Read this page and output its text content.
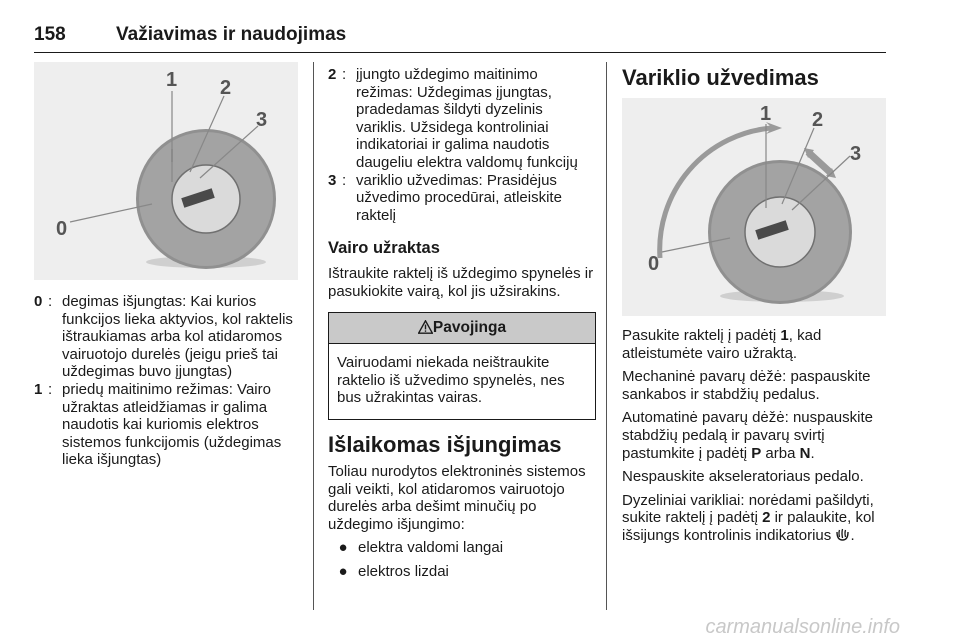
158	Važiavimas ir naudojimas
0
1 2
3
0 : degimas išjungtas: Kai kurios funkcijos lieka aktyvios, kol raktelis ištraukiamas arba kol atidaromos vairuotojo durelės (jeigu prieš tai uždegimas buvo įjungtas)
1 : priedų maitinimo režimas: Vairo užraktas atleidžiamas ir galima naudotis kai kuriomis elektros sistemos funkcijomis (uždegimas lieka išjungtas)
2 : įjungto uždegimo maitinimo režimas: Uždegimas įjungtas, pradedamas šildyti dyzelinis variklis. Užsidega kontroliniai indikatoriai ir galima naudotis daugeliu elektra valdomų funkcijų
3 : variklio užvedimas: Prasidėjus užvedimo procedūrai, atleiskite raktelį

Vairo užraktas

Ištraukite raktelį iš uždegimo spynelės ir pasukiokite vairą, kol jis užsirakins.

Pavojinga
Vairuodami niekada neištraukite raktelio iš užvedimo spynelės, nes bus užrakintas vairas.

Išlaikomas išjungimas

Toliau nurodytos elektroninės sistemos gali veikti, kol atidaromos vairuotojo durelės arba dešimt minučių po uždegimo išjungimo:

● elektra valdomi langai
● elektros lizdai

Variklio užvedimas

0
1 2
3

Pasukite raktelį į padėtį 1, kad atleistumėte vairo užraktą.

Mechaninė pavarų dėžė: paspauskite sankabos ir stabdžių pedalus.

Automatinė pavarų dėžė: nuspauskite stabdžių pedalą ir pavarų svirtį pastumkite į padėtį P arba N.

Nespauskite akseleratoriaus pedalo.

Dyzeliniai varikliai: norėdami pašildyti, sukite raktelį į padėtį 2 ir palaukite, kol išsijungs kontrolinis indikatorius .

carmanualsonline.info
